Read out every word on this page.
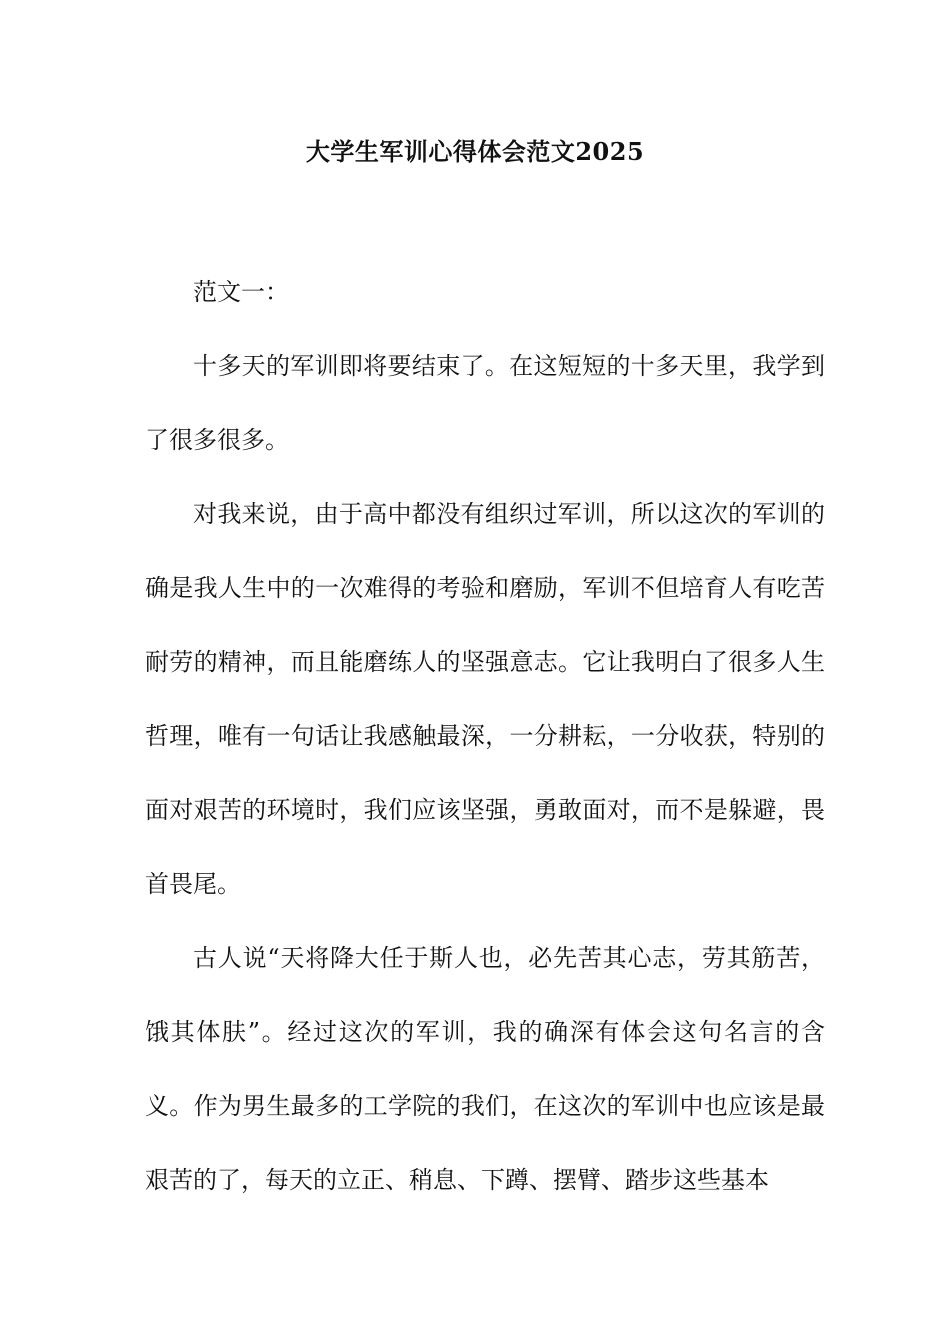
大学生军训心得体会范文2025

范文一：

十多天的军训即将要结束了。在这短短的十多天里，我学到了很多很多。

对我来说，由于高中都没有组织过军训，所以这次的军训的确是我人生中的一次难得的考验和磨励，军训不但培育人有吃苦耐劳的精神，而且能磨练人的坚强意志。它让我明白了很多人生哲理，唯有一句话让我感触最深，一分耕耘，一分收获，特别的面对艰苦的环境时，我们应该坚强，勇敢面对，而不是躲避，畏首畏尾。

古人说“天将降大任于斯人也，必先苦其心志，劳其筋苦，饿其体肤”。经过这次的军训，我的确深有体会这句名言的含义。作为男生最多的工学院的我们，在这次的军训中也应该是最艰苦的了，每天的立正、稍息、下蹲、摆臂、踏步这些基本
